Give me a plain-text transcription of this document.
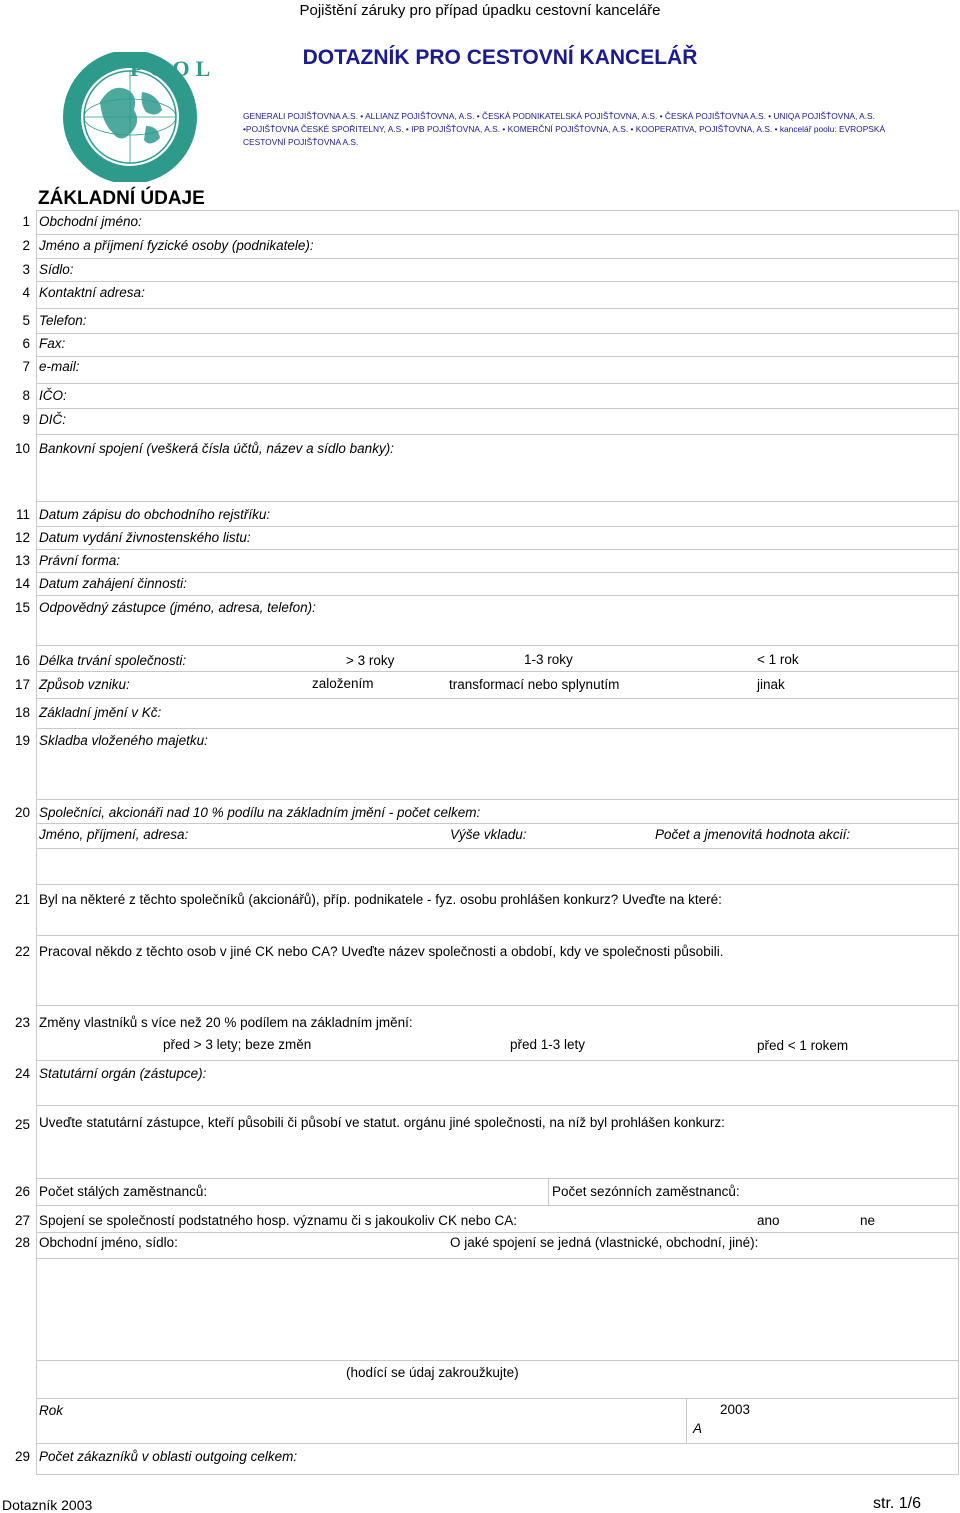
Pojištění záruky pro případ úpadku cestovní kanceláře
DOTAZNÍK PRO CESTOVNÍ KANCELÁŘ
POOL
GENERALI POJIŠŤOVNA A.S. • ALLIANZ POJIŠŤOVNA, A.S. • ČESKÁ PODNIKATELSKÁ POJIŠŤOVNA, A.S. • ČESKÁ POJIŠŤOVNA A.S. • UNIQA POJIŠŤOVNA, A.S.
•POJIŠŤOVNA ČESKÉ SPOŘITELNY, A.S. • IPB POJIŠŤOVNA, A.S. • KOMERČNÍ POJIŠŤOVNA, A.S. • KOOPERATIVA, POJIŠŤOVNA, A.S. • kancelář poolu: EVROPSKÁ
CESTOVNÍ POJIŠŤOVNA A.S.
ZÁKLADNÍ ÚDAJE
1 Obchodní jméno:
2 Jméno a příjmení fyzické osoby (podnikatele):
3 Sídlo:
4 Kontaktní adresa:
5 Telefon:
6 Fax:
7 e-mail:
8 IČO:
9 DIČ:
10 Bankovní spojení (veškerá čísla účtů, název a sídlo banky):
11 Datum zápisu do obchodního rejstříku:
12 Datum vydání živnostenského listu:
13 Právní forma:
14 Datum zahájení činnosti:
15 Odpovědný zástupce (jméno, adresa, telefon):
16 Délka trvání společnosti:	> 3 roky	1-3 roky	< 1 rok
17 Způsob vzniku:	založením	transformací nebo splynutím	jinak
18 Základní jmění v Kč:
19 Skladba vloženého majetku:
20 Společníci, akcionáři nad 10 % podílu na základním jmění - počet celkem:
Jméno, příjmení, adresa:	Výše vkladu:	Počet a jmenovitá hodnota akcií:
21 Byl na některé z těchto společníků (akcionářů), příp. podnikatele - fyz. osobu prohlášen konkurz? Uveďte na které:
22 Pracoval někdo z těchto osob v jiné CK nebo CA? Uveďte název společnosti a období, kdy ve společnosti působili.
23 Změny vlastníků s více než 20 % podílem na základním jmění:
před > 3 lety; beze změn	před 1-3 lety	před < 1 rokem
24 Statutární orgán (zástupce):
25 Uveďte statutární zástupce, kteří působili či působí ve statut. orgánu jiné společnosti, na níž byl prohlášen konkurz:
26 Počet stálých zaměstnanců:	Počet sezónních zaměstnanců:
27 Spojení se společností podstatného hosp. významu či s jakoukoliv CK nebo CA:	ano	ne
28 Obchodní jméno, sídlo:	O jaké spojení se jedná (vlastnické, obchodní, jiné):
(hodící se údaj zakroužkujte)
Rok	2003
A
29 Počet zákazníků v oblasti outgoing celkem:
Dotazník 2003	str. 1/6
